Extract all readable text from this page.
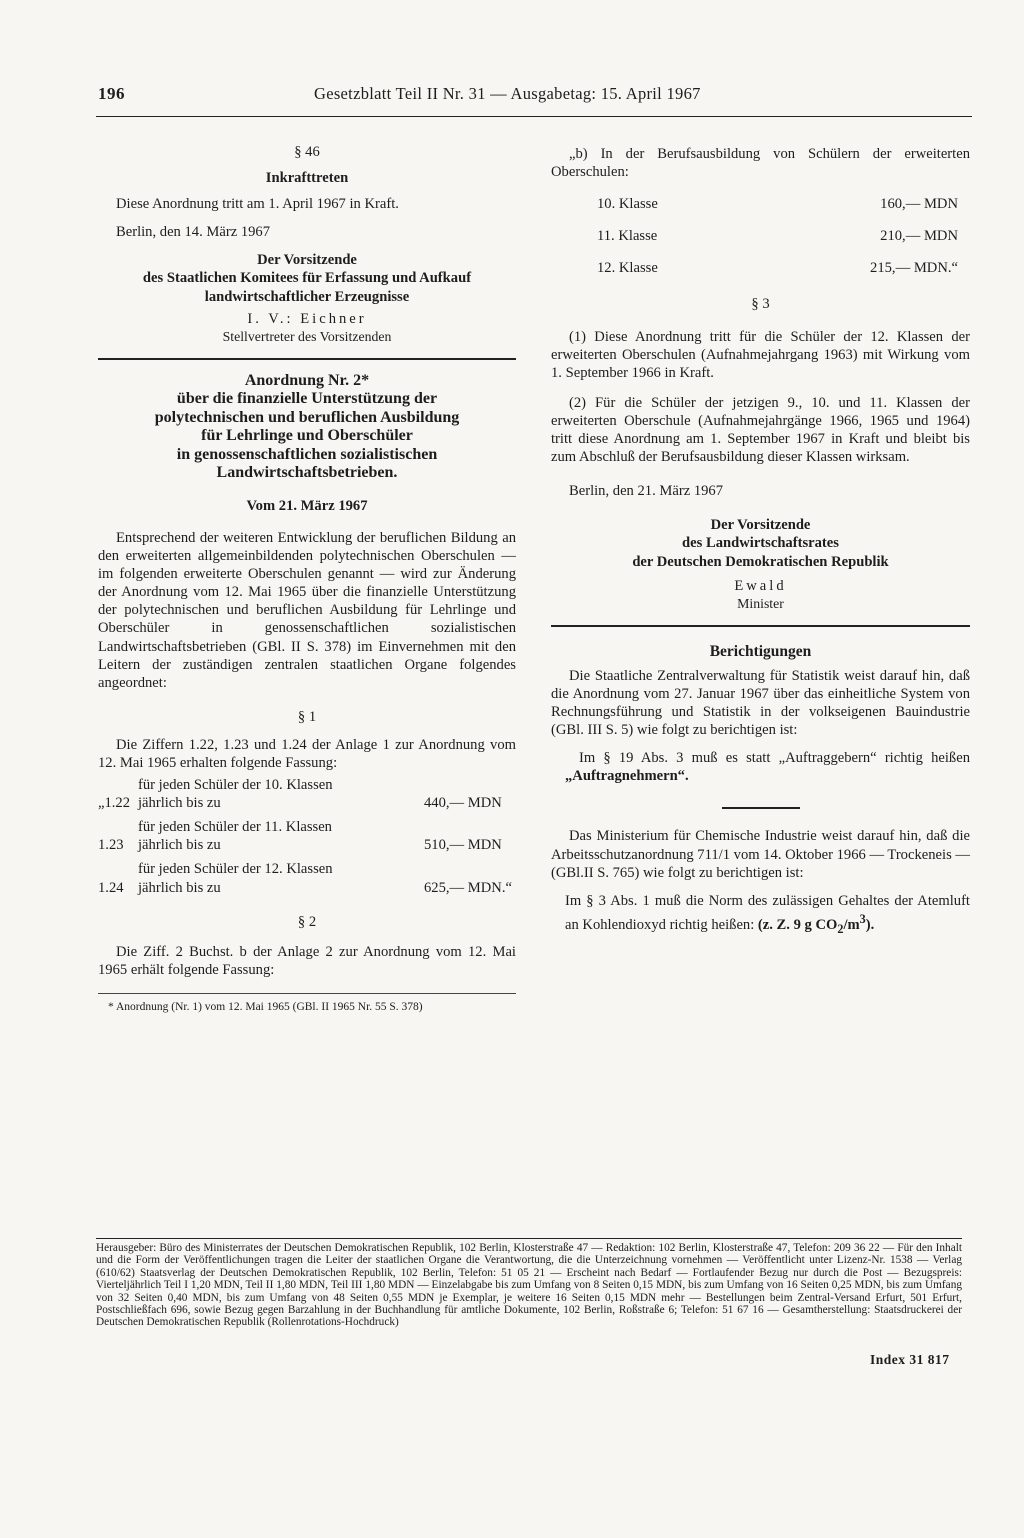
196	Gesetzblatt Teil II Nr. 31 — Ausgabetag: 15. April 1967

§ 46

Inkrafttreten

Diese Anordnung tritt am 1. April 1967 in Kraft.

Berlin, den 14. März 1967

Der Vorsitzende

des Staatlichen Komitees für Erfassung und Aufkauf

landwirtschaftlicher Erzeugnisse

I. V.: Eichner

Stellvertreter des Vorsitzenden

Anordnung Nr. 2*

über die finanzielle Unterstützung der

polytechnischen und beruflichen Ausbildung

für Lehrlinge und Oberschüler

in genossenschaftlichen sozialistischen

Landwirtschaftsbetrieben.

Vom 21. März 1967

Entsprechend der weiteren Entwicklung der beruflichen Bildung an den erweiterten allgemeinbildenden polytechnischen Oberschulen — im folgenden erweiterte Oberschulen genannt — wird zur Änderung der Anordnung vom 12. Mai 1965 über die finanzielle Unterstützung der polytechnischen und beruflichen Ausbildung für Lehrlinge und Oberschüler in genossenschaftlichen sozialistischen Landwirtschaftsbetrieben (GBl. II S. 378) im Einvernehmen mit den Leitern der zuständigen zentralen staatlichen Organe folgendes angeordnet:

§ 1

Die Ziffern 1.22, 1.23 und 1.24 der Anlage 1 zur Anordnung vom 12. Mai 1965 erhalten folgende Fassung:

„1.22
für jeden Schüler der 10. Klassen
jährlich bis zu	440,— MDN
1.23
für jeden Schüler der 11. Klassen
jährlich bis zu	510,— MDN
1.24
für jeden Schüler der 12. Klassen
jährlich bis zu	625,— MDN.“

§ 2

Die Ziff. 2 Buchst. b der Anlage 2 zur Anordnung vom 12. Mai 1965 erhält folgende Fassung:

* Anordnung (Nr. 1) vom 12. Mai 1965 (GBl. II 1965 Nr. 55 S. 378)

„b) In der Berufsausbildung von Schülern der erweiterten Oberschulen:

10. Klasse	160,— MDN
11. Klasse	210,— MDN
12. Klasse	215,— MDN.“

§ 3

(1) Diese Anordnung tritt für die Schüler der 12. Klassen der erweiterten Oberschulen (Aufnahmejahrgang 1963) mit Wirkung vom 1. September 1966 in Kraft.

(2) Für die Schüler der jetzigen 9., 10. und 11. Klassen der erweiterten Oberschule (Aufnahmejahrgänge 1966, 1965 und 1964) tritt diese Anordnung am 1. September 1967 in Kraft und bleibt bis zum Abschluß der Berufsausbildung dieser Klassen wirksam.

Berlin, den 21. März 1967

Der Vorsitzende

des Landwirtschaftsrates

der Deutschen Demokratischen Republik

Ewald

Minister

Berichtigungen

Die Staatliche Zentralverwaltung für Statistik weist darauf hin, daß die Anordnung vom 27. Januar 1967 über das einheitliche System von Rechnungsführung und Statistik in der volkseigenen Bauindustrie (GBl. III S. 5) wie folgt zu berichtigen ist:

Im § 19 Abs. 3 muß es statt „Auftraggebern“ richtig heißen „Auftragnehmern“.

Das Ministerium für Chemische Industrie weist darauf hin, daß die Arbeitsschutzanordnung 711/1 vom 14. Oktober 1966 — Trockeneis — (GBl.II S. 765) wie folgt zu berichtigen ist:

Im § 3 Abs. 1 muß die Norm des zulässigen Gehaltes der Atemluft an Kohlendioxyd richtig heißen: (z. Z. 9 g $CO_2/m^3$).

Herausgeber: Büro des Ministerrates der Deutschen Demokratischen Republik, 102 Berlin, Klosterstraße 47 — Redaktion: 102 Berlin, Klosterstraße 47, Telefon: 209 36 22 — Für den Inhalt und die Form der Veröffentlichungen tragen die Leiter der staatlichen Organe die Verantwortung, die die Unterzeichnung vornehmen — Veröffentlicht unter Lizenz-Nr. 1538 — Verlag (610/62) Staatsverlag der Deutschen Demokratischen Republik, 102 Berlin, Telefon: 51 05 21 — Erscheint nach Bedarf — Fortlaufender Bezug nur durch die Post — Bezugspreis: Vierteljährlich Teil I 1,20 MDN, Teil II 1,80 MDN, Teil III 1,80 MDN — Einzelabgabe bis zum Umfang von 8 Seiten 0,15 MDN, bis zum Umfang von 16 Seiten 0,25 MDN, bis zum Umfang von 32 Seiten 0,40 MDN, bis zum Umfang von 48 Seiten 0,55 MDN je Exemplar, je weitere 16 Seiten 0,15 MDN mehr — Bestellungen beim Zentral-Versand Erfurt, 501 Erfurt, Postschließfach 696, sowie Bezug gegen Barzahlung in der Buchhandlung für amtliche Dokumente, 102 Berlin, Roßstraße 6; Telefon: 51 67 16 — Gesamtherstellung: Staatsdruckerei der Deutschen Demokratischen Republik (Rollenrotations-Hochdruck)

Index 31 817
